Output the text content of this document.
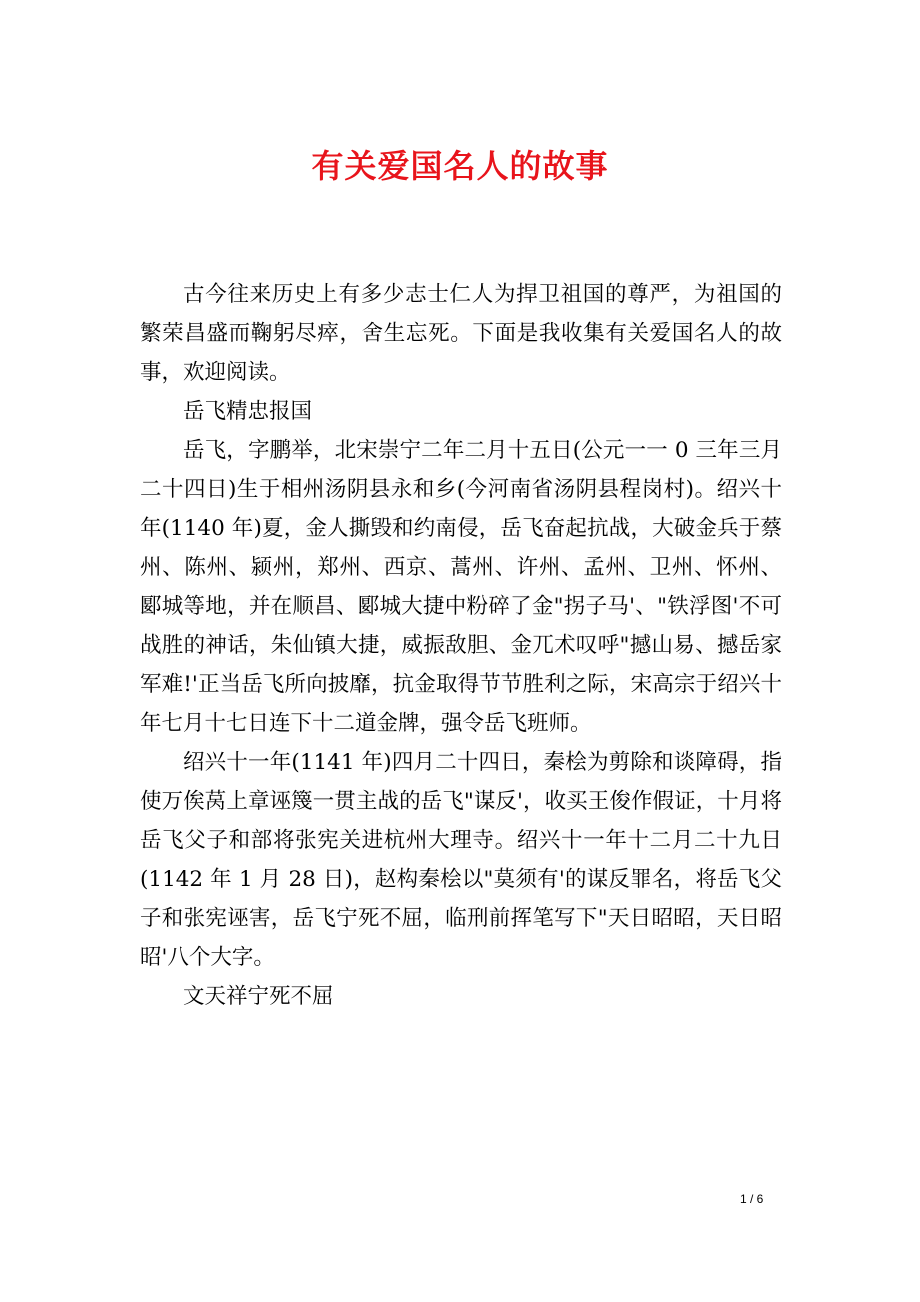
有关爱国名人的故事

古今往来历史上有多少志士仁人为捍卫祖国的尊严，为祖国的繁荣昌盛而鞠躬尽瘁，舍生忘死。下面是我收集有关爱国名人的故事，欢迎阅读。

岳飞精忠报国

岳飞，字鹏举，北宋崇宁二年二月十五日(公元一一 0 三年三月二十四日)生于相州汤阴县永和乡(今河南省汤阴县程岗村)。绍兴十年(1140 年)夏，金人撕毁和约南侵，岳飞奋起抗战，大破金兵于蔡州、陈州、颍州，郑州、西京、蒿州、许州、孟州、卫州、怀州、郾城等地，并在顺昌、郾城大捷中粉碎了金"拐子马'、"铁浮图'不可战胜的神话，朱仙镇大捷，威振敌胆、金兀术叹呼"撼山易、撼岳家军难!'正当岳飞所向披靡，抗金取得节节胜利之际，宋高宗于绍兴十年七月十七日连下十二道金牌，强令岳飞班师。

绍兴十一年(1141 年)四月二十四日，秦桧为剪除和谈障碍，指使万俟莴上章诬篾一贯主战的岳飞"谋反'，收买王俊作假证，十月将岳飞父子和部将张宪关进杭州大理寺。绍兴十一年十二月二十九日(1142 年 1 月 28 日)，赵构秦桧以"莫须有'的谋反罪名，将岳飞父子和张宪诬害，岳飞宁死不屈，临刑前挥笔写下"天日昭昭，天日昭昭'八个大字。

文天祥宁死不屈

1 / 6
